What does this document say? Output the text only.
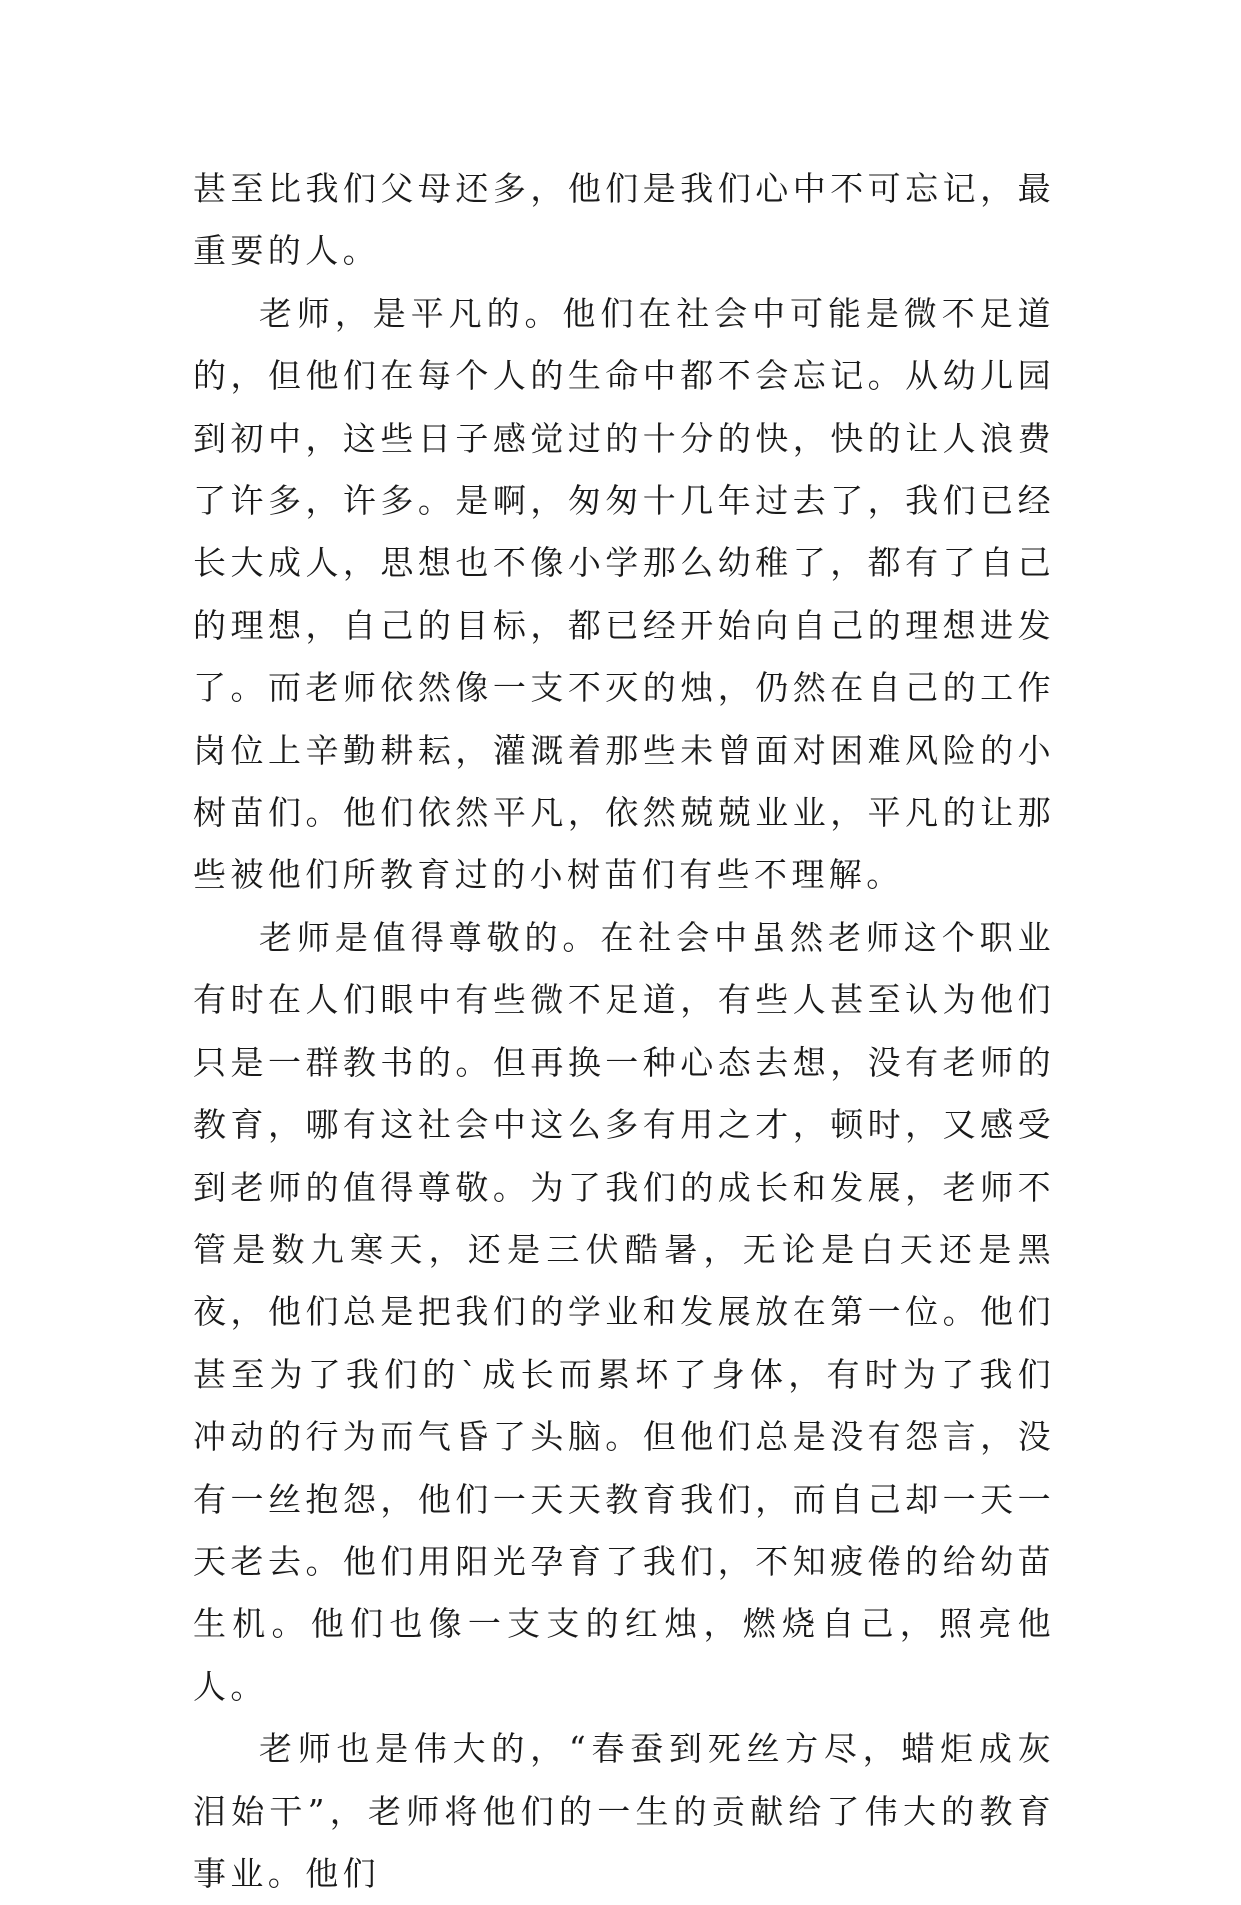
甚至比我们父母还多，他们是我们心中不可忘记，最重要的人。

老师，是平凡的。他们在社会中可能是微不足道的，但他们在每个人的生命中都不会忘记。从幼儿园到初中，这些日子感觉过的十分的快，快的让人浪费了许多，许多。是啊，匆匆十几年过去了，我们已经长大成人，思想也不像小学那么幼稚了，都有了自己的理想，自己的目标，都已经开始向自己的理想进发了。而老师依然像一支不灭的烛，仍然在自己的工作岗位上辛勤耕耘，灌溉着那些未曾面对困难风险的小树苗们。他们依然平凡，依然兢兢业业，平凡的让那些被他们所教育过的小树苗们有些不理解。

老师是值得尊敬的。在社会中虽然老师这个职业有时在人们眼中有些微不足道，有些人甚至认为他们只是一群教书的。但再换一种心态去想，没有老师的教育，哪有这社会中这么多有用之才，顿时，又感受到老师的值得尊敬。为了我们的成长和发展，老师不管是数九寒天，还是三伏酷暑，无论是白天还是黑夜，他们总是把我们的学业和发展放在第一位。他们甚至为了我们的`成长而累坏了身体，有时为了我们冲动的行为而气昏了头脑。但他们总是没有怨言，没有一丝抱怨，他们一天天教育我们，而自己却一天一天老去。他们用阳光孕育了我们，不知疲倦的给幼苗生机。他们也像一支支的红烛，燃烧自己，照亮他人。

老师也是伟大的，“春蚕到死丝方尽，蜡炬成灰泪始干”，老师将他们的一生的贡献给了伟大的教育事业。他们
